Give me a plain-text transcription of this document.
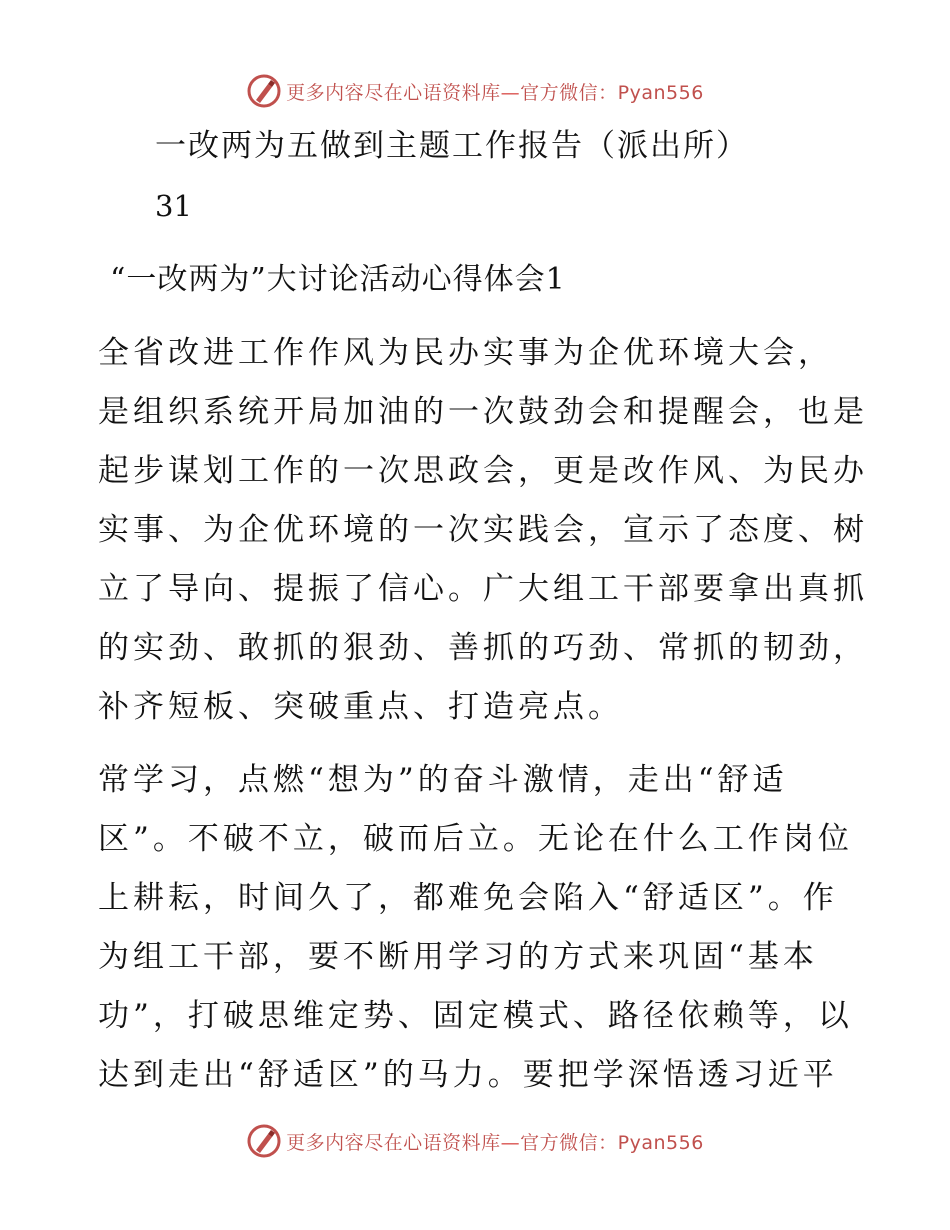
更多内容尽在心语资料库—官方微信：Pyan556
一改两为五做到主题工作报告（派出所）
31
“一改两为”大讨论活动心得体会1
全省改进工作作风为民办实事为企优环境大会，
是组织系统开局加油的一次鼓劲会和提醒会，也是
起步谋划工作的一次思政会，更是改作风、为民办
实事、为企优环境的一次实践会，宣示了态度、树
立了导向、提振了信心。广大组工干部要拿出真抓
的实劲、敢抓的狠劲、善抓的巧劲、常抓的韧劲，
补齐短板、突破重点、打造亮点。
常学习，点燃“想为”的奋斗激情，走出“舒适
区”。不破不立，破而后立。无论在什么工作岗位
上耕耘，时间久了，都难免会陷入“舒适区”。作
为组工干部，要不断用学习的方式来巩固“基本
功”，打破思维定势、固定模式、路径依赖等，以
达到走出“舒适区”的马力。要把学深悟透习近平
更多内容尽在心语资料库—官方微信：Pyan556
